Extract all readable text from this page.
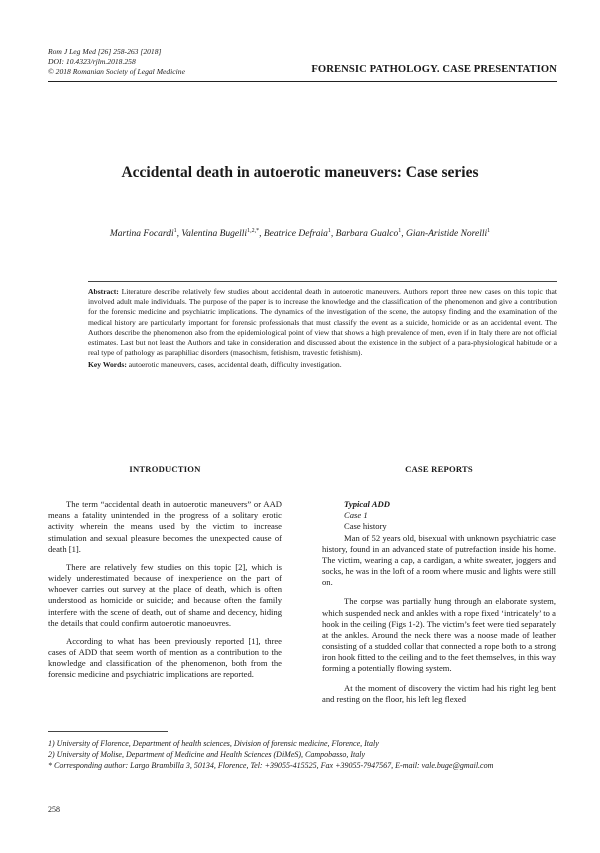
Rom J Leg Med [26] 258-263 [2018]
DOI: 10.4323/rjlm.2018.258
© 2018 Romanian Society of Legal Medicine	FORENSIC PATHOLOGY. CASE PRESENTATION
Accidental death in autoerotic maneuvers: Case series
Martina Focardi$^1$, Valentina Bugelli$^{1,2,*}$, Beatrice Defraia$^1$, Barbara Gualco$^1$, Gian-Aristide Norelli$^1$
Abstract: Literature describe relatively few studies about accidental death in autoerotic maneuvers. Authors report three new cases on this topic that involved adult male individuals. The purpose of the paper is to increase the knowledge and the classification of the phenomenon and give a contribution for the forensic medicine and psychiatric implications. The dynamics of the investigation of the scene, the autopsy finding and the examination of the medical history are particularly important for forensic professionals that must classify the event as a suicide, homicide or as an accidental event. The Authors describe the phenomenon also from the epidemiological point of view that shows a high prevalence of men, even if in Italy there are not official estimates. Last but not least the Authors and take in consideration and discussed about the existence in the subject of a para-physiological habitude or a real type of pathology as paraphiliac disorders (masochism, fetishism, travestic fetishism).
Key Words: autoerotic maneuvers, cases, accidental death, difficulty investigation.
INTRODUCTION

The term “accidental death in autoerotic maneuvers” or AAD means a fatality unintended in the progress of a solitary erotic activity wherein the means used by the victim to increase stimulation and sexual pleasure becomes the unexpected cause of death [1].

There are relatively few studies on this topic [2], which is widely underestimated because of inexperience on the part of whoever carries out survey at the place of death, which is often understood as homicide or suicide; and because often the family interfere with the scene of death, out of shame and decency, hiding the details that could confirm autoerotic manoeuvres.

According to what has been previously reported [1], three cases of ADD that seem worth of mention as a contribution to the knowledge and classification of the phenomenon, both from the forensic medicine and psychiatric implications are reported.

CASE REPORTS

Typical ADD

Case 1

Case history

Man of 52 years old, bisexual with unknown psychiatric case history, found in an advanced state of putrefaction inside his home. The victim, wearing a cap, a cardigan, a white sweater, joggers and socks, he was in the loft of a room where music and lights were still on.

The corpse was partially hung through an elaborate system, which suspended neck and ankles with a rope fixed ‘intricately’ to a hook in the ceiling (Figs 1-2). The victim’s feet were tied separately at the ankles. Around the neck there was a noose made of leather consisting of a studded collar that connected a rope both to a strong iron hook fitted to the ceiling and to the feet themselves, in this way forming a potentially flowing system.

At the moment of discovery the victim had his right leg bent and resting on the floor, his left leg flexed

1) University of Florence, Department of health sciences, Division of forensic medicine, Florence, Italy
2) University of Molise, Department of Medicine and Health Sciences (DiMeS), Campobasso, Italy
* Corresponding author: Largo Brambilla 3, 50134, Florence, Tel: +39055-415525, Fax +39055-7947567, E-mail: vale.buge@gmail.com
258
